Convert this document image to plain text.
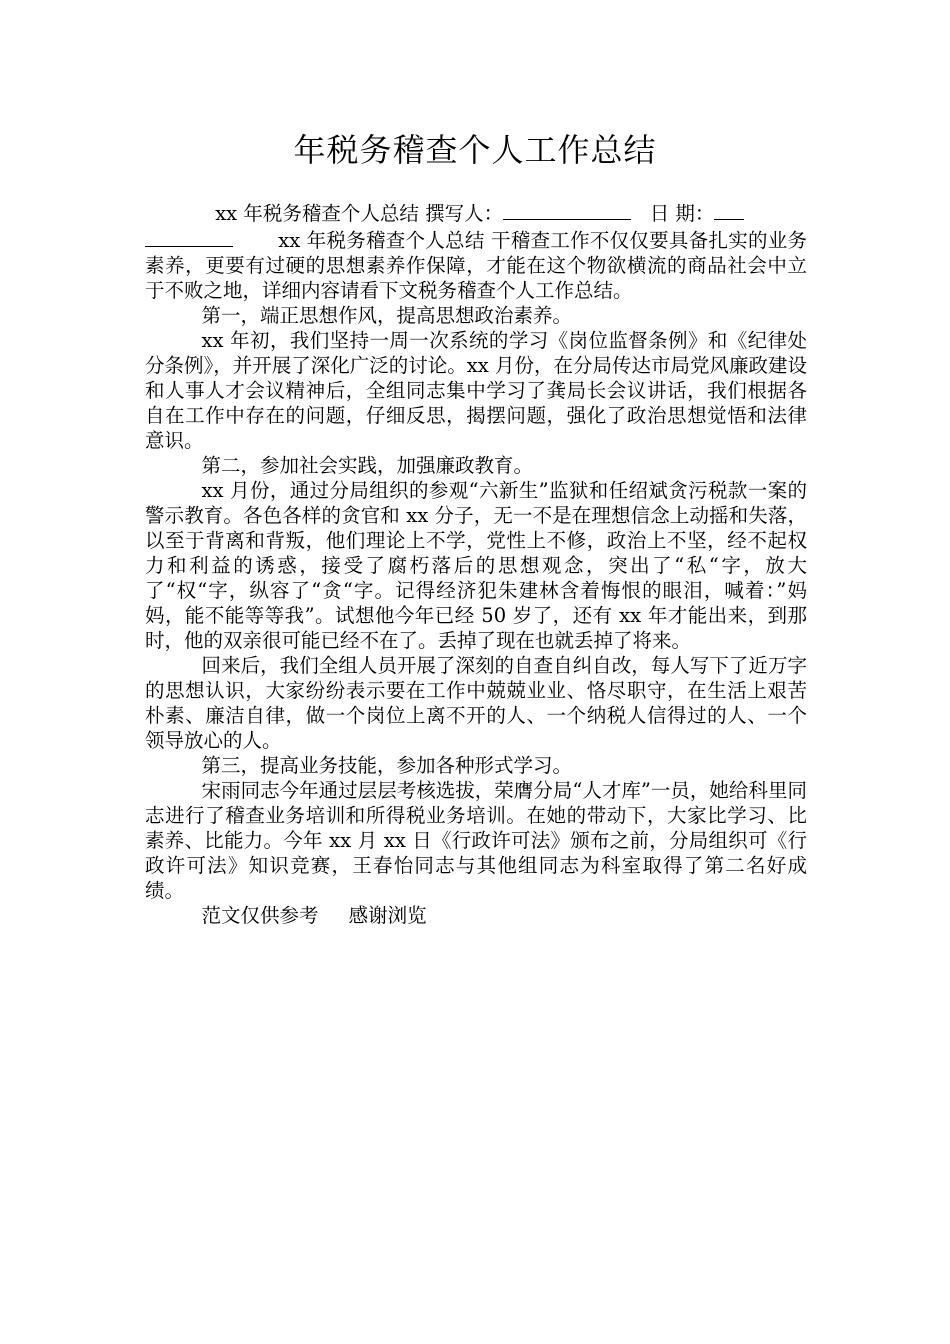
年税务稽查个人工作总结

xx 年税务稽查个人总结 撰写人：	日 期：
xx 年税务稽查个人总结 干稽查工作不仅仅要具备扎实的业务素养，更要有过硬的思想素养作保障，才能在这个物欲横流的商品社会中立于不败之地，详细内容请看下文税务稽查个人工作总结。

第一，端正思想作风，提高思想政治素养。

xx 年初，我们坚持一周一次系统的学习《岗位监督条例》和《纪律处分条例》，并开展了深化广泛的讨论。xx 月份，在分局传达市局党风廉政建设和人事人才会议精神后，全组同志集中学习了龚局长会议讲话，我们根据各自在工作中存在的问题，仔细反思，揭摆问题，强化了政治思想觉悟和法律意识。

第二，参加社会实践，加强廉政教育。

xx 月份，通过分局组织的参观“六新生”监狱和任绍斌贪污税款一案的警示教育。各色各样的贪官和 xx 分子，无一不是在理想信念上动摇和失落，以至于背离和背叛，他们理论上不学，党性上不修，政治上不坚，经不起权力和利益的诱惑，接受了腐朽落后的思想观念，突出了“私“字，放大了“权“字，纵容了“贪“字。记得经济犯朱建林含着悔恨的眼泪，喊着：”妈妈，能不能等等我”。试想他今年已经 50 岁了，还有 xx 年才能出来，到那时，他的双亲很可能已经不在了。丢掉了现在也就丢掉了将来。

回来后，我们全组人员开展了深刻的自查自纠自改，每人写下了近万字的思想认识，大家纷纷表示要在工作中兢兢业业、恪尽职守，在生活上艰苦朴素、廉洁自律，做一个岗位上离不开的人、一个纳税人信得过的人、一个领导放心的人。

第三，提高业务技能，参加各种形式学习。

宋雨同志今年通过层层考核选拔，荣膺分局“人才库”一员，她给科里同志进行了稽查业务培训和所得税业务培训。在她的带动下，大家比学习、比素养、比能力。今年 xx 月 xx 日《行政许可法》颁布之前，分局组织可《行政许可法》知识竞赛，王春怡同志与其他组同志为科室取得了第二名好成绩。

范文仅供参考 感谢浏览
